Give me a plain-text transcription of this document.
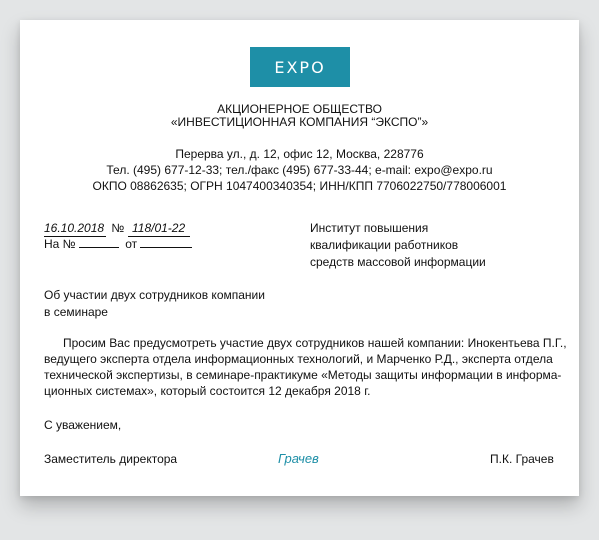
EXPO
АКЦИОНЕРНОЕ ОБЩЕСТВО
«ИНВЕСТИЦИОННАЯ КОМПАНИЯ “ЭКСПО”»
Перерва ул., д. 12, офис 12, Москва, 228776
Тел. (495) 677-12-33; тел./факс (495) 677-33-44; e-mail: expo@expo.ru
ОКПО 08862635; ОГРН 1047400340354; ИНН/КПП 7706022750/778006001
16.10.2018 № 118/01-22
На №	от
Институт повышения
квалификации работников
средств массовой информации
Об участии двух сотрудников компании
в семинаре
Просим Вас предусмотреть участие двух сотрудников нашей компании: Инокентьева П.Г.,
ведущего эксперта отдела информационных технологий, и Марченко Р.Д., эксперта отдела
технической экспертизы, в семинаре-практикуме «Методы защиты информации в информа-
ционных системах», который состоится 12 декабря 2018 г.
С уважением,
Заместитель директора	Грачев	П.К. Грачев
